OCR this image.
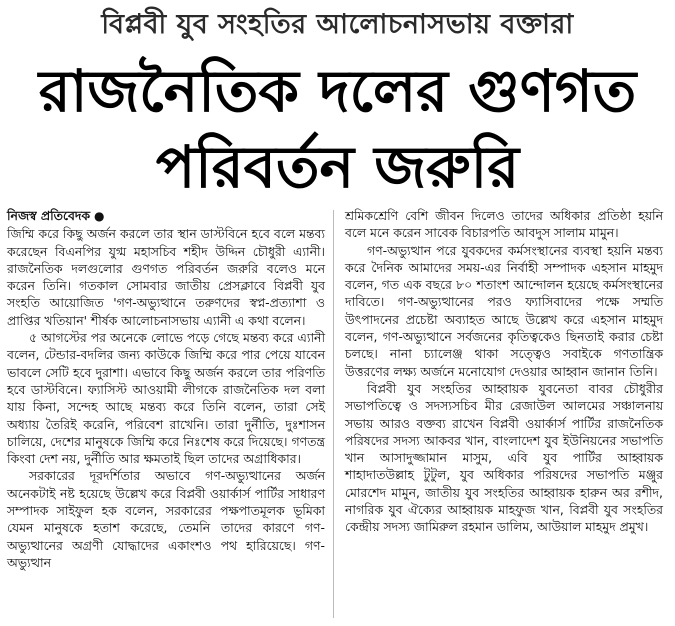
বিপ্লবী যুব সংহতির আলোচনাসভায় বক্তারা
রাজনৈতিক দলের গুণগত
পরিবর্তন জরুরি

নিজস্ব প্রতিবেদক ●

জিম্মি করে কিছু অর্জন করলে তার স্থান ডাস্টবিনে হবে বলে মন্তব্য করেছেন বিএনপির যুগ্ম মহাসচিব শহীদ উদ্দিন চৌধুরী এ্যানী। রাজনৈতিক দলগুলোর গুণগত পরিবর্তন জরুরি বলেও মনে করেন তিনি। গতকাল সোমবার জাতীয় প্রেসক্লাবে বিপ্লবী যুব সংহতি আয়োজিত 'গণ-অভ্যুত্থানে তরুণদের স্বপ্ন-প্রত্যাশা ও প্রাপ্তির খতিয়ান' শীর্ষক আলোচনাসভায় এ্যানী এ কথা বলেন।

৫ আগস্টের পর অনেকে লোভে পড়ে গেছে মন্তব্য করে এ্যানী বলেন, টেন্ডার-বদলির জন্য কাউকে জিম্মি করে পার পেয়ে যাবেন ভাবলে সেটি হবে দুরাশা। এভাবে কিছু অর্জন করলে তার পরিণতি হবে ডাস্টবিনে। ফ্যাসিস্ট আওয়ামী লীগকে রাজনৈতিক দল বলা যায় কিনা, সন্দেহ আছে মন্তব্য করে তিনি বলেন, তারা সেই অধ্যায় তৈরিই করেনি, পরিবেশ রাখেনি। তারা দুর্নীতি, দুঃশাসন চালিয়ে, দেশের মানুষকে জিম্মি করে নিঃশেষ করে দিয়েছে। গণতন্ত্র কিংবা দেশ নয়, দুর্নীতি আর ক্ষমতাই ছিল তাদের অগ্রাধিকার।

সরকারের দূরদর্শিতার অভাবে গণ-অভ্যুত্থানের অর্জন অনেকটাই নষ্ট হয়েছে উল্লেখ করে বিপ্লবী ওয়ার্কার্স পার্টির সাধারণ সম্পাদক সাইফুল হক বলেন, সরকারের পক্ষপাতমূলক ভূমিকা যেমন মানুষকে হতাশ করেছে, তেমনি তাদের কারণে গণ-অভ্যুত্থানের অগ্রণী যোদ্ধাদের একাংশও পথ হারিয়েছে। গণ-অভ্যুত্থান

শ্রমিকশ্রেণি বেশি জীবন দিলেও তাদের অধিকার প্রতিষ্ঠা হয়নি বলে মনে করেন সাবেক বিচারপতি আবদুস সালাম মামুন।

গণ-অভ্যুত্থান পরে যুবকদের কর্মসংস্থানের ব্যবস্থা হয়নি মন্তব্য করে দৈনিক আমাদের সময়-এর নির্বাহী সম্পাদক এহসান মাহমুদ বলেন, গত এক বছরে ৮০ শতাংশ আন্দোলন হয়েছে কর্মসংস্থানের দাবিতে। গণ-অভ্যুত্থানের পরও ফ্যাসিবাদের পক্ষে সম্মতি উৎপাদনের প্রচেষ্টা অব্যাহত আছে উল্লেখ করে এহসান মাহমুদ বলেন, গণ-অভ্যুত্থানে সর্বজনের কৃতিত্বকেও ছিনতাই করার চেষ্টা চলছে। নানা চ্যালেঞ্জ থাকা সত্ত্বেও সবাইকে গণতান্ত্রিক উত্তরণের লক্ষ্য অর্জনে মনোযোগ দেওয়ার আহ্বান জানান তিনি।

বিপ্লবী যুব সংহতির আহ্বায়ক যুবনেতা বাবর চৌধুরীর সভাপতিত্বে ও সদস্যসচিব মীর রেজাউল আলমের সঞ্চালনায় সভায় আরও বক্তব্য রাখেন বিপ্লবী ওয়ার্কার্স পার্টির রাজনৈতিক পরিষদের সদস্য আকবর খান, বাংলাদেশ যুব ইউনিয়নের সভাপতি খান আসাদুজ্জামান মাসুম, এবি যুব পার্টির আহ্বায়ক শাহাদাতউল্লাহ টুটুল, যুব অধিকার পরিষদের সভাপতি মঞ্জুর মোরশেদ মামুন, জাতীয় যুব সংহতির আহ্বায়ক হারুন অর রশীদ, নাগরিক যুব ঐক্যের আহ্বায়ক মাহফুজ খান, বিপ্লবী যুব সংহতির কেন্দ্রীয় সদস্য জামিরুল রহমান ডালিম, আউয়াল মাহমুদ প্রমুখ।
